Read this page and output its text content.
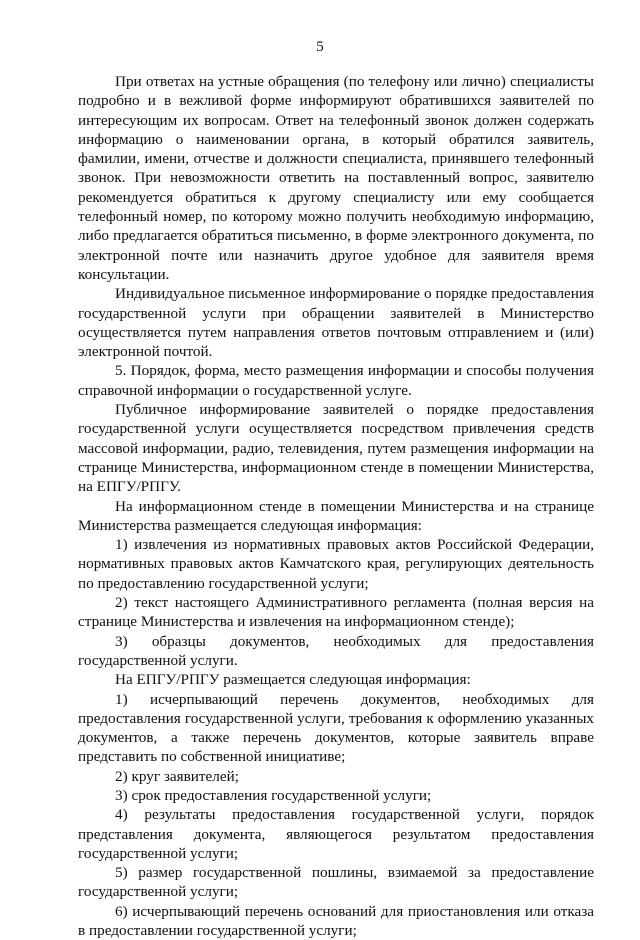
5

При ответах на устные обращения (по телефону или лично) специалисты подробно и в вежливой форме информируют обратившихся заявителей по интересующим их вопросам. Ответ на телефонный звонок должен содержать информацию о наименовании органа, в который обратился заявитель, фамилии, имени, отчестве и должности специалиста, принявшего телефонный звонок. При невозможности ответить на поставленный вопрос, заявителю рекомендуется обратиться к другому специалисту или ему сообщается телефонный номер, по которому можно получить необходимую информацию, либо предлагается обратиться письменно, в форме электронного документа, по электронной почте или назначить другое удобное для заявителя время консультации.

Индивидуальное письменное информирование о порядке предоставления государственной услуги при обращении заявителей в Министерство осуществляется путем направления ответов почтовым отправлением и (или) электронной почтой.

5. Порядок, форма, место размещения информации и способы получения справочной информации о государственной услуге.

Публичное информирование заявителей о порядке предоставления государственной услуги осуществляется посредством привлечения средств массовой информации, радио, телевидения, путем размещения информации на странице Министерства, информационном стенде в помещении Министерства, на ЕПГУ/РПГУ.

На информационном стенде в помещении Министерства и на странице Министерства размещается следующая информация:

1) извлечения из нормативных правовых актов Российской Федерации, нормативных правовых актов Камчатского края, регулирующих деятельность по предоставлению государственной услуги;

2) текст настоящего Административного регламента (полная версия на странице Министерства и извлечения на информационном стенде);

3) образцы документов, необходимых для предоставления государственной услуги.

На ЕПГУ/РПГУ размещается следующая информация:

1) исчерпывающий перечень документов, необходимых для предоставления государственной услуги, требования к оформлению указанных документов, а также перечень документов, которые заявитель вправе представить по собственной инициативе;

2) круг заявителей;

3) срок предоставления государственной услуги;

4) результаты предоставления государственной услуги, порядок представления документа, являющегося результатом предоставления государственной услуги;

5) размер государственной пошлины, взимаемой за предоставление государственной услуги;

6) исчерпывающий перечень оснований для приостановления или отказа в предоставлении государственной услуги;
